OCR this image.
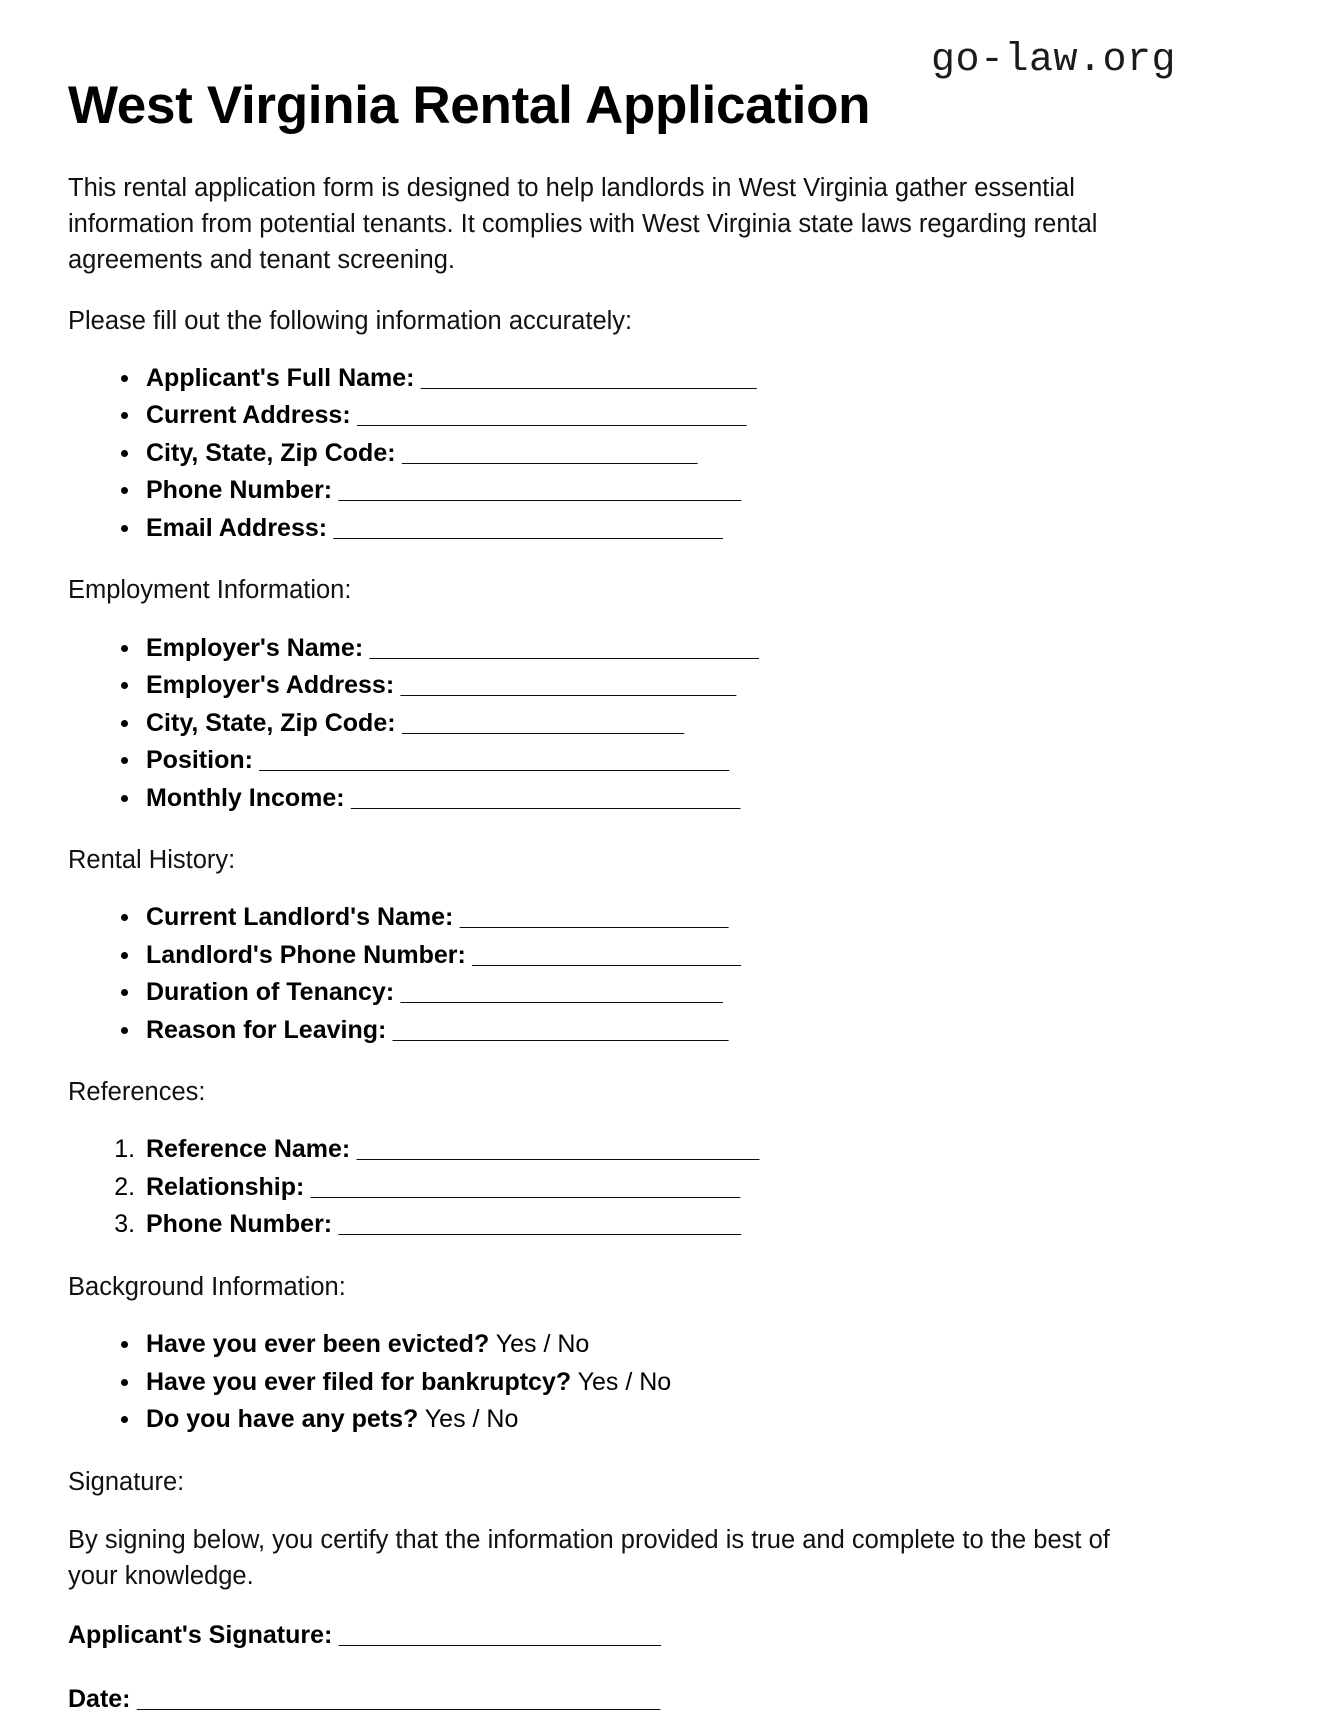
go-law.org
West Virginia Rental Application

This rental application form is designed to help landlords in West Virginia gather essential information from potential tenants. It complies with West Virginia state laws regarding rental agreements and tenant screening.

Please fill out the following information accurately:

• Applicant's Full Name: _________________________
• Current Address: _____________________________
• City, State, Zip Code: ______________________
• Phone Number: ______________________________
• Email Address: _____________________________

Employment Information:

• Employer's Name: _____________________________
• Employer's Address: _________________________
• City, State, Zip Code: _____________________
• Position: ___________________________________
• Monthly Income: _____________________________

Rental History:

• Current Landlord's Name: ____________________
• Landlord's Phone Number: ____________________
• Duration of Tenancy: ________________________
• Reason for Leaving: _________________________

References:

1. Reference Name: ______________________________
2. Relationship: ________________________________
3. Phone Number: ______________________________

Background Information:

• Have you ever been evicted? Yes / No
• Have you ever filed for bankruptcy? Yes / No
• Do you have any pets? Yes / No

Signature:

By signing below, you certify that the information provided is true and complete to the best of your knowledge.

Applicant's Signature: ________________________

Date: _______________________________________
